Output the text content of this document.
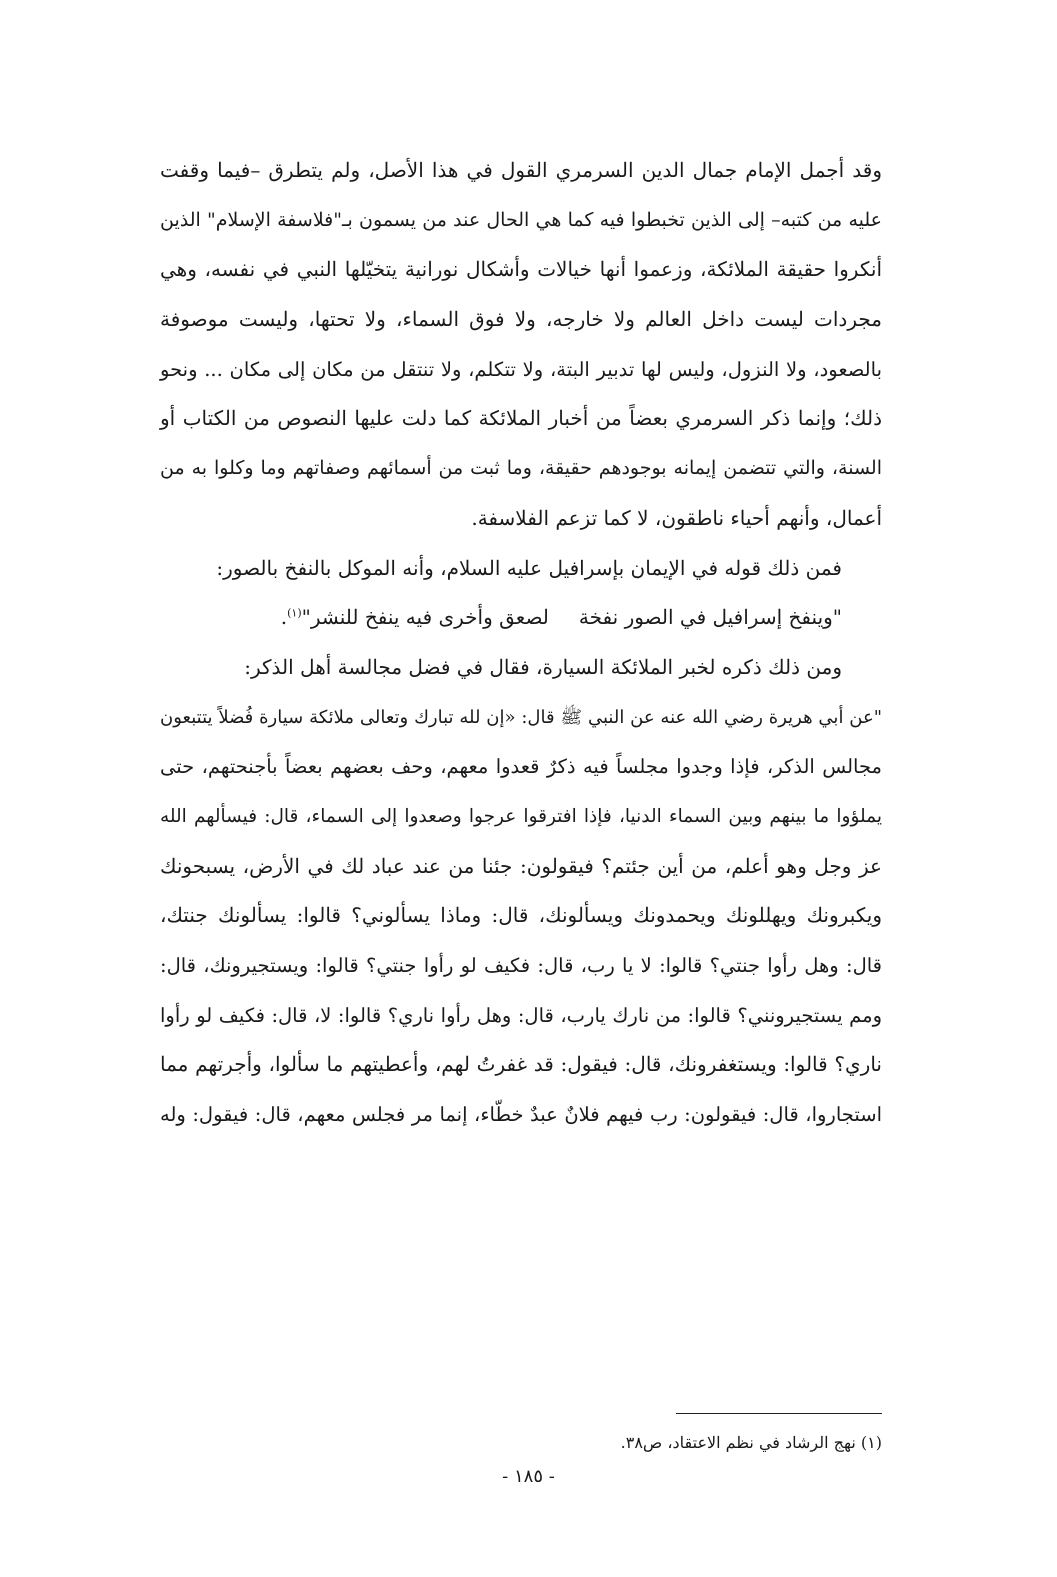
وقد أجمل الإمام جمال الدين السرمري القول في هذا الأصل، ولم يتطرق –فيما وقفت
عليه من كتبه– إلى الذين تخبطوا فيه كما هي الحال عند من يسمون بـ"فلاسفة الإسلام" الذين
أنكروا حقيقة الملائكة، وزعموا أنها خيالات وأشكال نورانية يتخيّلها النبي في نفسه، وهي
مجردات ليست داخل العالم ولا خارجه، ولا فوق السماء، ولا تحتها، وليست موصوفة
بالصعود، ولا النزول، وليس لها تدبير البتة، ولا تتكلم، ولا تنتقل من مكان إلى مكان ... ونحو
ذلك؛ وإنما ذكر السرمري بعضاً من أخبار الملائكة كما دلت عليها النصوص من الكتاب أو
السنة، والتي تتضمن إيمانه بوجودهم حقيقة، وما ثبت من أسمائهم وصفاتهم وما وكلوا به من
أعمال، وأنهم أحياء ناطقون، لا كما تزعم الفلاسفة.
فمن ذلك قوله في الإيمان بإسرافيل عليه السلام، وأنه الموكل بالنفخ بالصور:
"وينفخ إسرافيل في الصور نفخة
لصعق وأخرى فيه ينفخ للنشر"$^{(١)}$.
ومن ذلك ذكره لخبر الملائكة السيارة، فقال في فضل مجالسة أهل الذكر:
"عن أبي هريرة رضي الله عنه عن النبي ﷺ قال: «إن لله تبارك وتعالى ملائكة سيارة فُضلاً يتتبعون
مجالس الذكر، فإذا وجدوا مجلساً فيه ذكرٌ قعدوا معهم، وحف بعضهم بعضاً بأجنحتهم، حتى
يملؤوا ما بينهم وبين السماء الدنيا، فإذا افترقوا عرجوا وصعدوا إلى السماء، قال: فيسألهم الله
عز وجل وهو أعلم، من أين جئتم؟ فيقولون: جئنا من عند عباد لك في الأرض، يسبحونك
ويكبرونك ويهللونك ويحمدونك ويسألونك، قال: وماذا يسألوني؟ قالوا: يسألونك جنتك،
قال: وهل رأوا جنتي؟ قالوا: لا يا رب، قال: فكيف لو رأوا جنتي؟ قالوا: ويستجيرونك، قال:
ومم يستجيرونني؟ قالوا: من نارك يارب، قال: وهل رأوا ناري؟ قالوا: لا، قال: فكيف لو رأوا
ناري؟ قالوا: ويستغفرونك، قال: فيقول: قد غفرتُ لهم، وأعطيتهم ما سألوا، وأجرتهم مما
استجاروا، قال: فيقولون: رب فيهم فلانٌ عبدٌ خطّاء، إنما مر فجلس معهم، قال: فيقول: وله
(١) نهج الرشاد في نظم الاعتقاد، ص٣٨.
- ١٨٥ -
